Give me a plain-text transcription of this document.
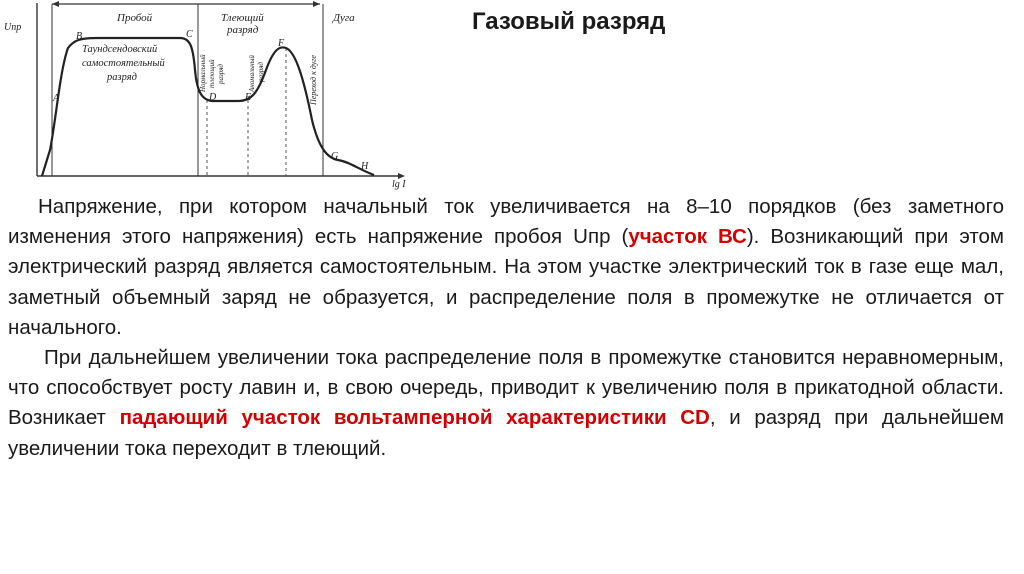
Uпр
lg I
Пробой	Тлеющий
разряд
Дуга
Таундсендовский
самостоятельный
разряд	Нормальный тлеющий разряд	Аномальный разряд	Переход к дуге
A
B	C
D	E
F
G
H
Газовый разряд

Напряжение, при котором начальный ток увеличивается на 8–10 порядков (без заметного изменения этого напряжения) есть напряжение пробоя Uпр (участок ВС). Возникающий при этом электрический разряд является самостоятельным. На этом участке электрический ток в газе еще мал, заметный объемный заряд не образуется, и распределение поля в промежутке не отличается от начального.

При дальнейшем увеличении тока распределение поля в промежутке становится неравномерным, что способствует росту лавин и, в свою очередь, приводит к увеличению поля в прикатодной области. Возникает падающий участок вольтамперной характеристики CD, и разряд при дальнейшем увеличении тока переходит в тлеющий.
